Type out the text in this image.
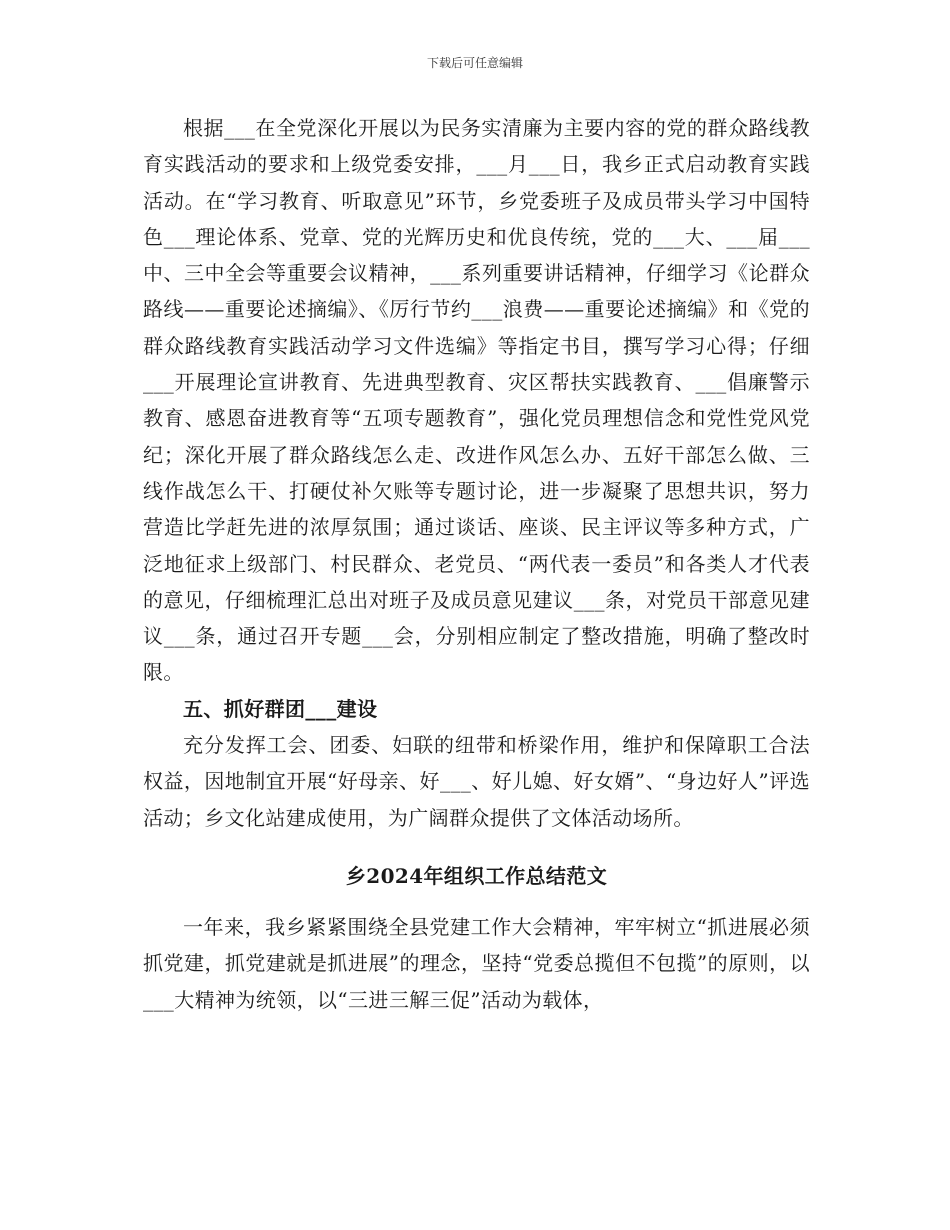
下载后可任意编辑

根据___在全党深化开展以为民务实清廉为主要内容的党的群众路线教育实践活动的要求和上级党委安排，___月___日，我乡正式启动教育实践活动。在“学习教育、听取意见”环节，乡党委班子及成员带头学习中国特色___理论体系、党章、党的光辉历史和优良传统，党的___大、___届___中、三中全会等重要会议精神，___系列重要讲话精神，仔细学习《论群众路线——重要论述摘编》、《厉行节约___浪费——重要论述摘编》和《党的群众路线教育实践活动学习文件选编》等指定书目，撰写学习心得；仔细___开展理论宣讲教育、先进典型教育、灾区帮扶实践教育、___倡廉警示教育、感恩奋进教育等“五项专题教育”，强化党员理想信念和党性党风党纪；深化开展了群众路线怎么走、改进作风怎么办、五好干部怎么做、三线作战怎么干、打硬仗补欠账等专题讨论，进一步凝聚了思想共识，努力营造比学赶先进的浓厚氛围；通过谈话、座谈、民主评议等多种方式，广泛地征求上级部门、村民群众、老党员、“两代表一委员”和各类人才代表的意见，仔细梳理汇总出对班子及成员意见建议___条，对党员干部意见建议___条，通过召开专题___会，分别相应制定了整改措施，明确了整改时限。

五、抓好群团___建设

充分发挥工会、团委、妇联的纽带和桥梁作用，维护和保障职工合法权益，因地制宜开展“好母亲、好___、好儿媳、好女婿”、“身边好人”评选活动；乡文化站建成使用，为广阔群众提供了文体活动场所。

乡2024年组织工作总结范文

一年来，我乡紧紧围绕全县党建工作大会精神，牢牢树立“抓进展必须抓党建，抓党建就是抓进展”的理念，坚持“党委总揽但不包揽”的原则，以___大精神为统领，以“三进三解三促”活动为载体，
